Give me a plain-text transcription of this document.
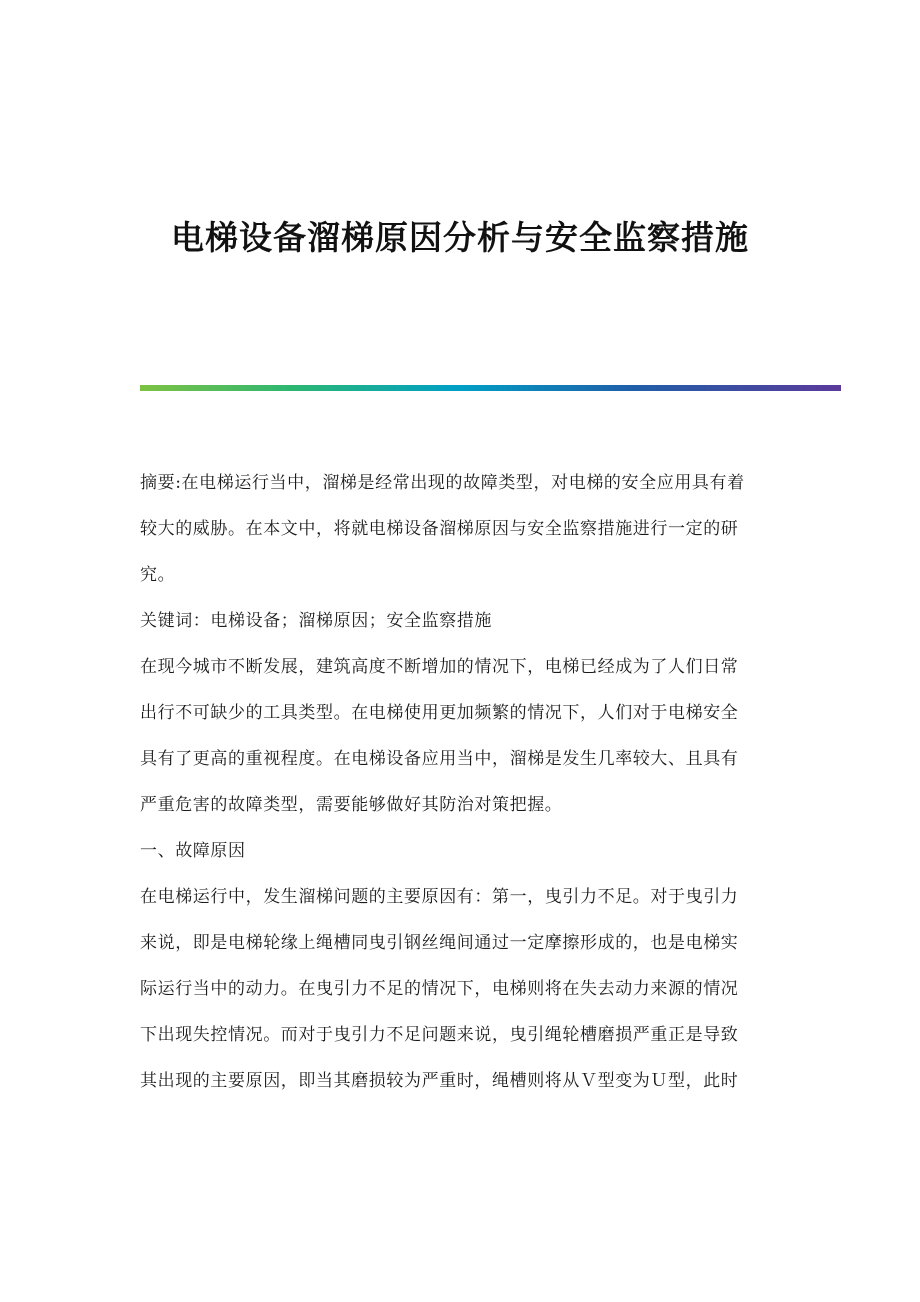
电梯设备溜梯原因分析与安全监察措施
摘要:在电梯运行当中，溜梯是经常出现的故障类型，对电梯的安全应用具有着
较大的威胁。在本文中，将就电梯设备溜梯原因与安全监察措施进行一定的研
究。
关键词：电梯设备；溜梯原因；安全监察措施
在现今城市不断发展，建筑高度不断增加的情况下，电梯已经成为了人们日常
出行不可缺少的工具类型。在电梯使用更加频繁的情况下，人们对于电梯安全
具有了更高的重视程度。在电梯设备应用当中，溜梯是发生几率较大、且具有
严重危害的故障类型，需要能够做好其防治对策把握。
一、故障原因
在电梯运行中，发生溜梯问题的主要原因有：第一，曳引力不足。对于曳引力
来说，即是电梯轮缘上绳槽同曳引钢丝绳间通过一定摩擦形成的，也是电梯实
际运行当中的动力。在曳引力不足的情况下，电梯则将在失去动力来源的情况
下出现失控情况。而对于曳引力不足问题来说，曳引绳轮槽磨损严重正是导致
其出现的主要原因，即当其磨损较为严重时，绳槽则将从Ｖ型变为Ｕ型，此时
